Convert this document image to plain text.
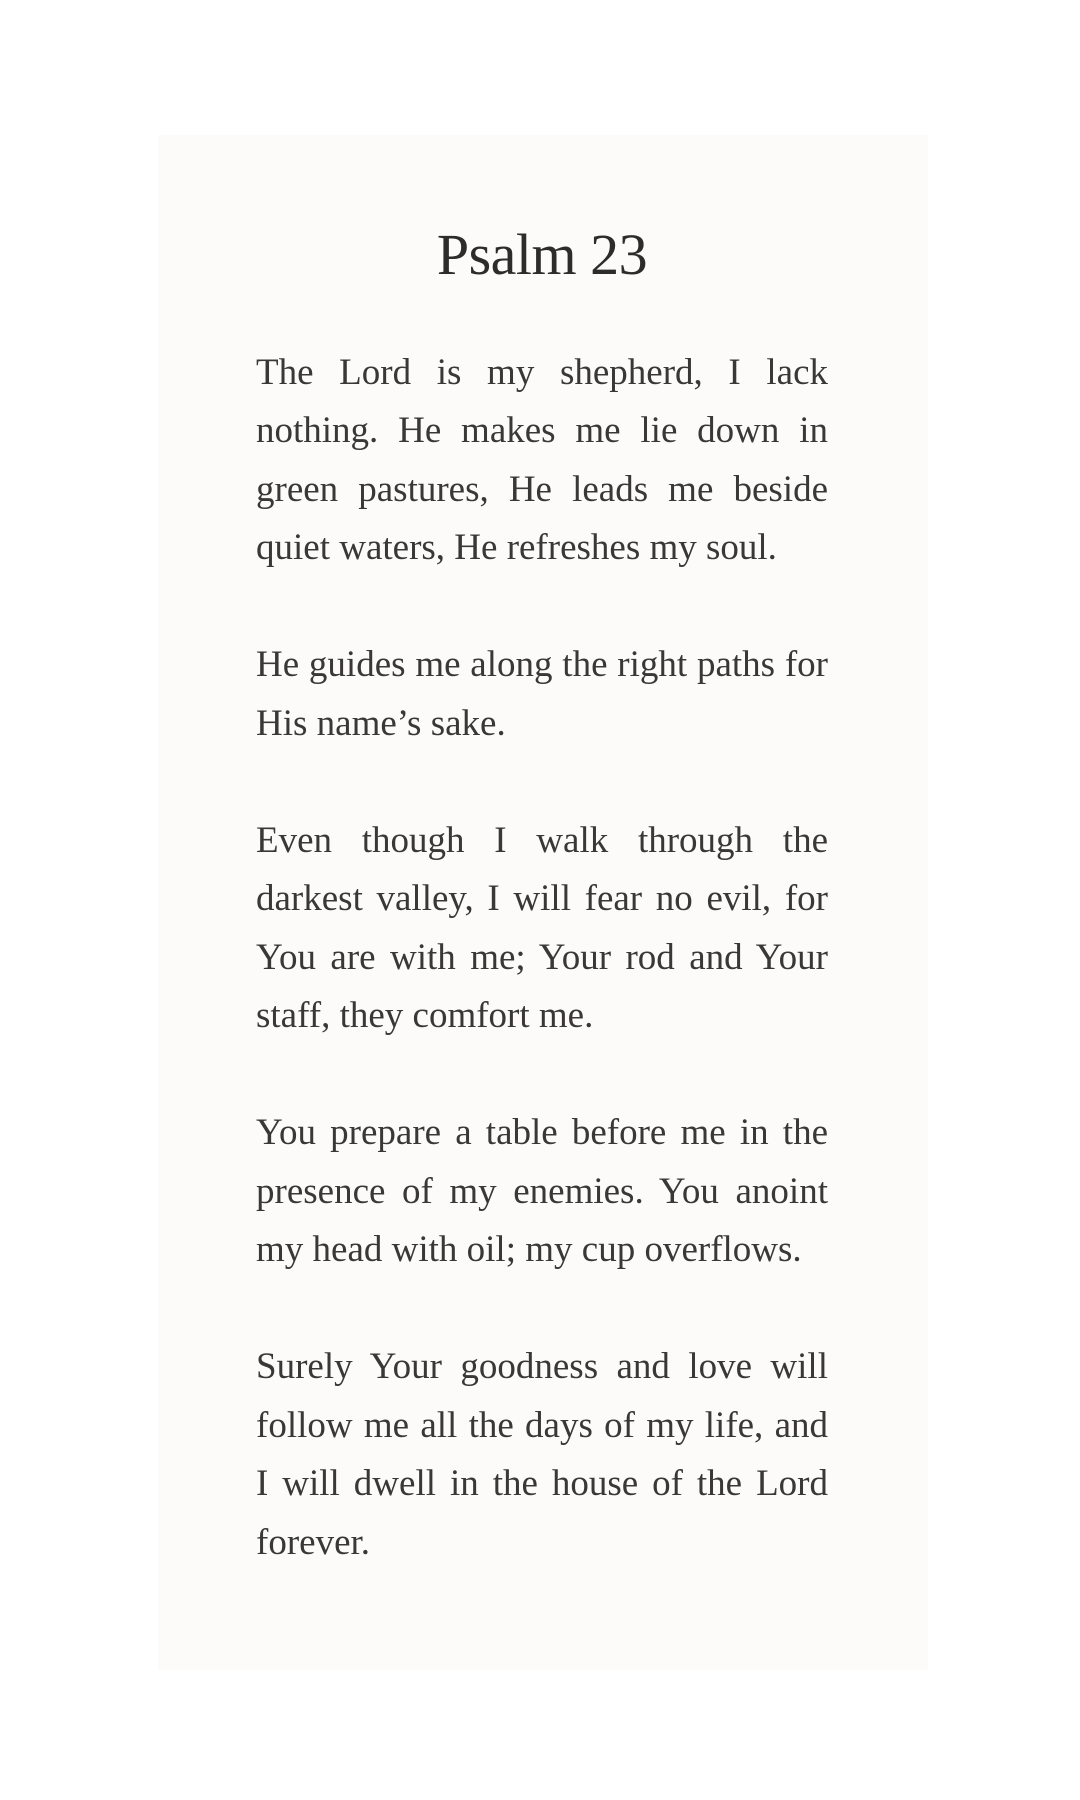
Psalm 23

The Lord is my shepherd, I lack nothing. He makes me lie down in green pastures, He leads me beside quiet waters, He refreshes my soul.

He guides me along the right paths for His name’s sake.

Even though I walk through the darkest valley, I will fear no evil, for You are with me; Your rod and Your staff, they comfort me.

You prepare a table before me in the presence of my enemies. You anoint my head with oil; my cup overflows.

Surely Your goodness and love will follow me all the days of my life, and I will dwell in the house of the Lord forever.
